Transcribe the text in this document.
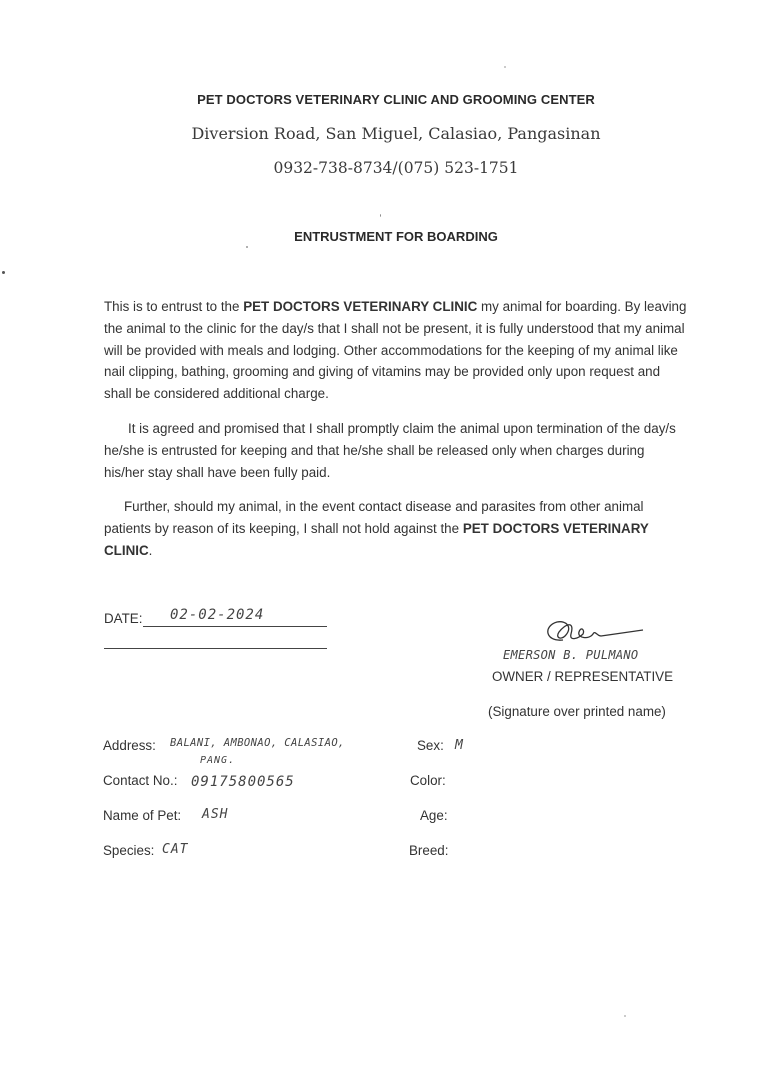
PET DOCTORS VETERINARY CLINIC AND GROOMING CENTER
Diversion Road, San Miguel, Calasiao, Pangasinan
0932-738-8734/(075) 523-1751
ENTRUSTMENT FOR BOARDING
This is to entrust to the PET DOCTORS VETERINARY CLINIC my animal for boarding. By leaving the animal to the clinic for the day/s that I shall not be present, it is fully understood that my animal will be provided with meals and lodging. Other accommodations for the keeping of my animal like nail clipping, bathing, grooming and giving of vitamins may be provided only upon request and shall be considered additional charge.
It is agreed and promised that I shall promptly claim the animal upon termination of the day/s he/she is entrusted for keeping and that he/she shall be released only when charges during his/her stay shall have been fully paid.
Further, should my animal, in the event contact disease and parasites from other animal patients by reason of its keeping, I shall not hold against the PET DOCTORS VETERINARY CLINIC.
DATE: 02-02-2024
EMERSON B. PULMANO
OWNER / REPRESENTATIVE
(Signature over printed name)
Address: BALANI, AMBONAO, CALASIAO,
PANG.
Contact No.: 09175800565
Name of Pet: ASH
Species: CAT
Sex: M
Color:
Age:
Breed:
